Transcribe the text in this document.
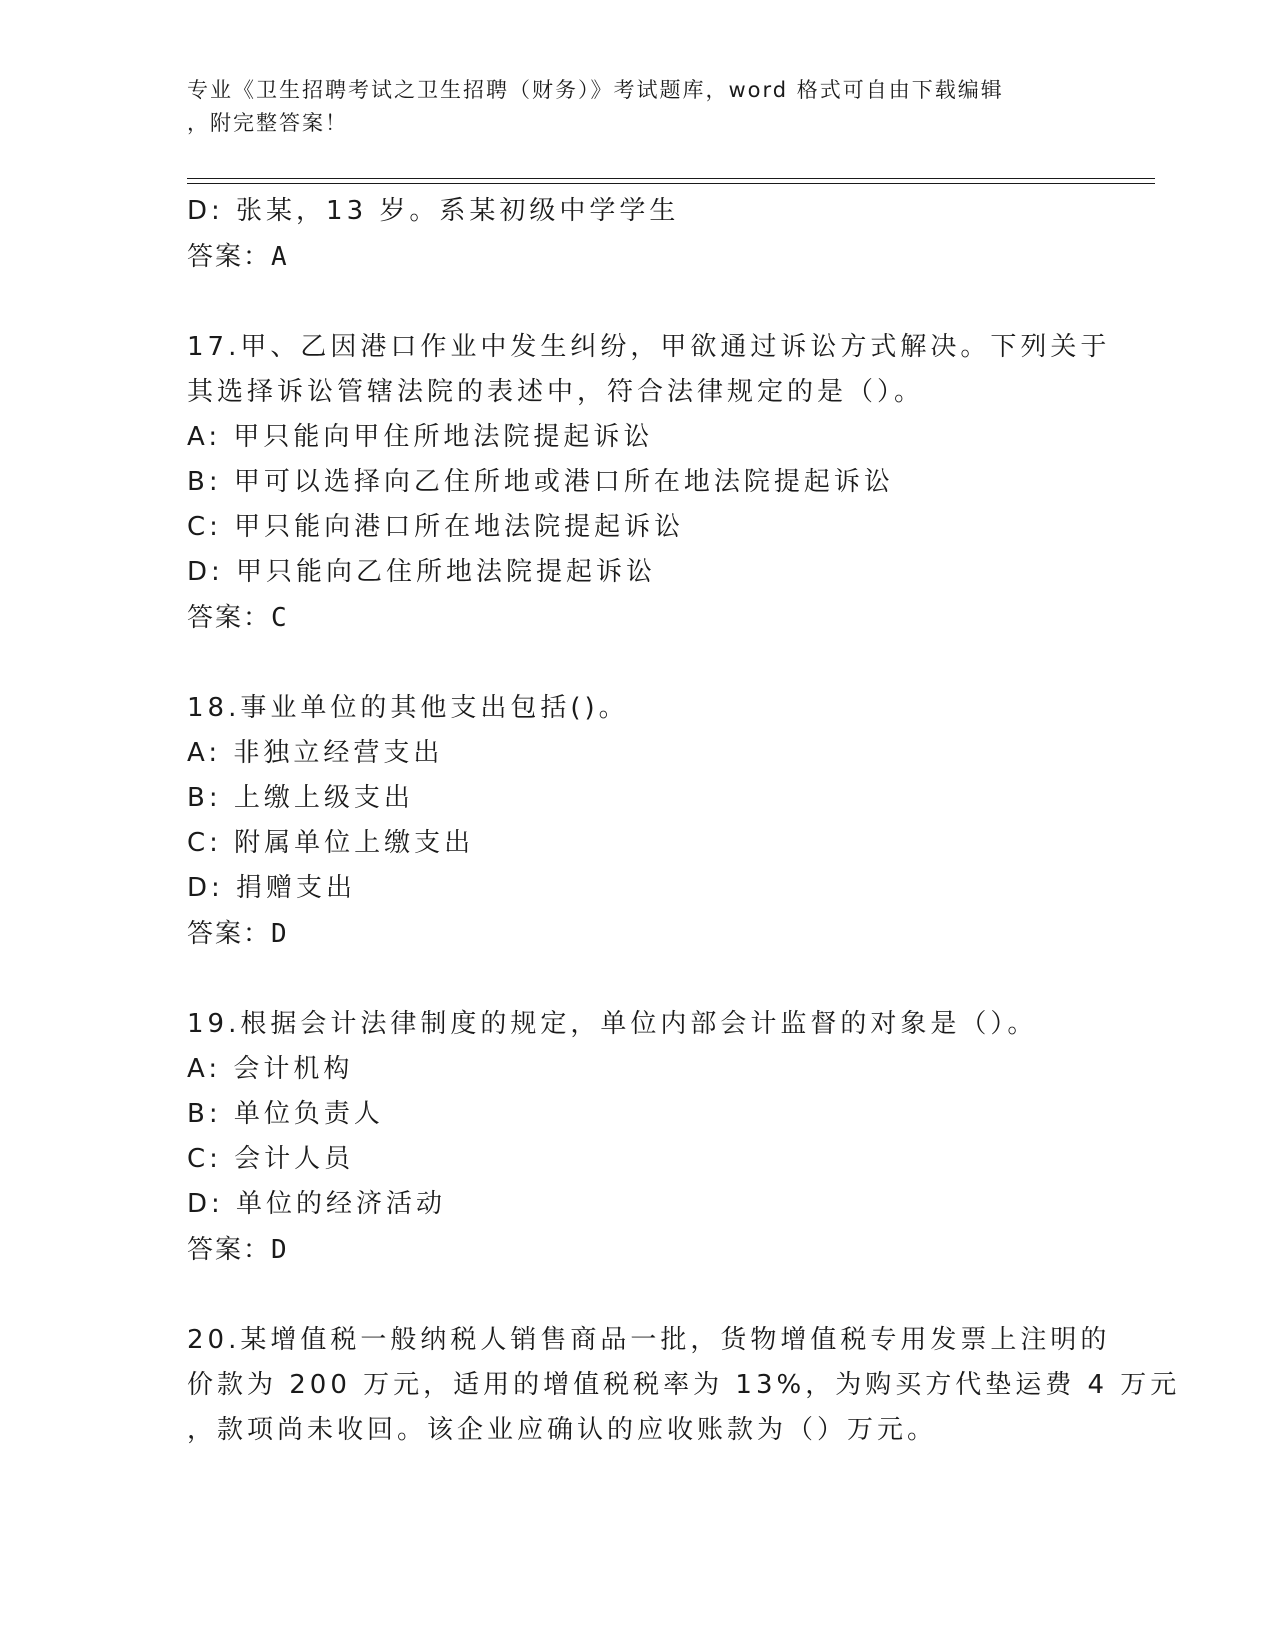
专业《卫生招聘考试之卫生招聘（财务）》考试题库，word 格式可自由下载编辑
，附完整答案！
D: 张某，13 岁。系某初级中学学生
答案：A
17.甲、乙因港口作业中发生纠纷，甲欲通过诉讼方式解决。下列关于
其选择诉讼管辖法院的表述中，符合法律规定的是（）。
A: 甲只能向甲住所地法院提起诉讼
B: 甲可以选择向乙住所地或港口所在地法院提起诉讼
C: 甲只能向港口所在地法院提起诉讼
D: 甲只能向乙住所地法院提起诉讼
答案：C
18.事业单位的其他支出包括()。
A: 非独立经营支出
B: 上缴上级支出
C: 附属单位上缴支出
D: 捐赠支出
答案：D
19.根据会计法律制度的规定，单位内部会计监督的对象是（）。
A: 会计机构
B: 单位负责人
C: 会计人员
D: 单位的经济活动
答案：D
20.某增值税一般纳税人销售商品一批，货物增值税专用发票上注明的
价款为 200 万元，适用的增值税税率为 13%，为购买方代垫运费 4 万元
，款项尚未收回。该企业应确认的应收账款为（）万元。
